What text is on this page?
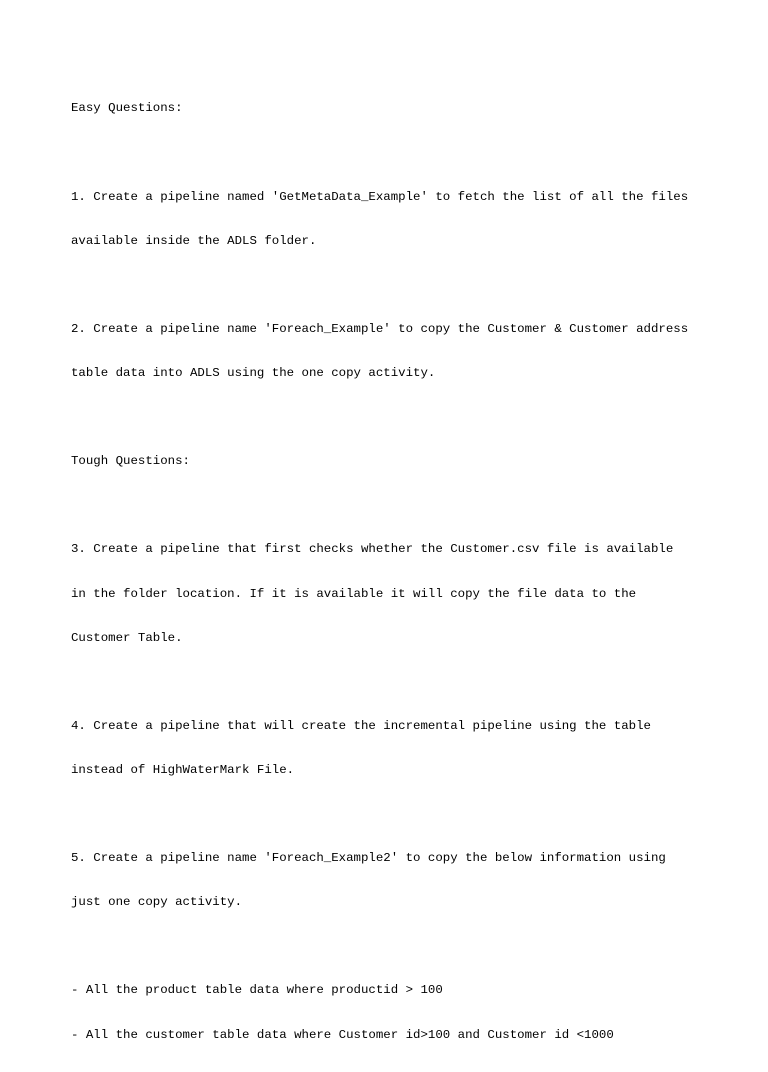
Easy Questions:

1. Create a pipeline named 'GetMetaData_Example' to fetch the list of all the files

available inside the ADLS folder.

2. Create a pipeline name 'Foreach_Example' to copy the Customer & Customer address

table data into ADLS using the one copy activity.

Tough Questions:

3. Create a pipeline that first checks whether the Customer.csv file is available

in the folder location. If it is available it will copy the file data to the

Customer Table.

4. Create a pipeline that will create the incremental pipeline using the table

instead of HighWaterMark File.

5. Create a pipeline name 'Foreach_Example2' to copy the below information using

just one copy activity.

- All the product table data where productid > 100

- All the customer table data where Customer id>100 and Customer id <1000
